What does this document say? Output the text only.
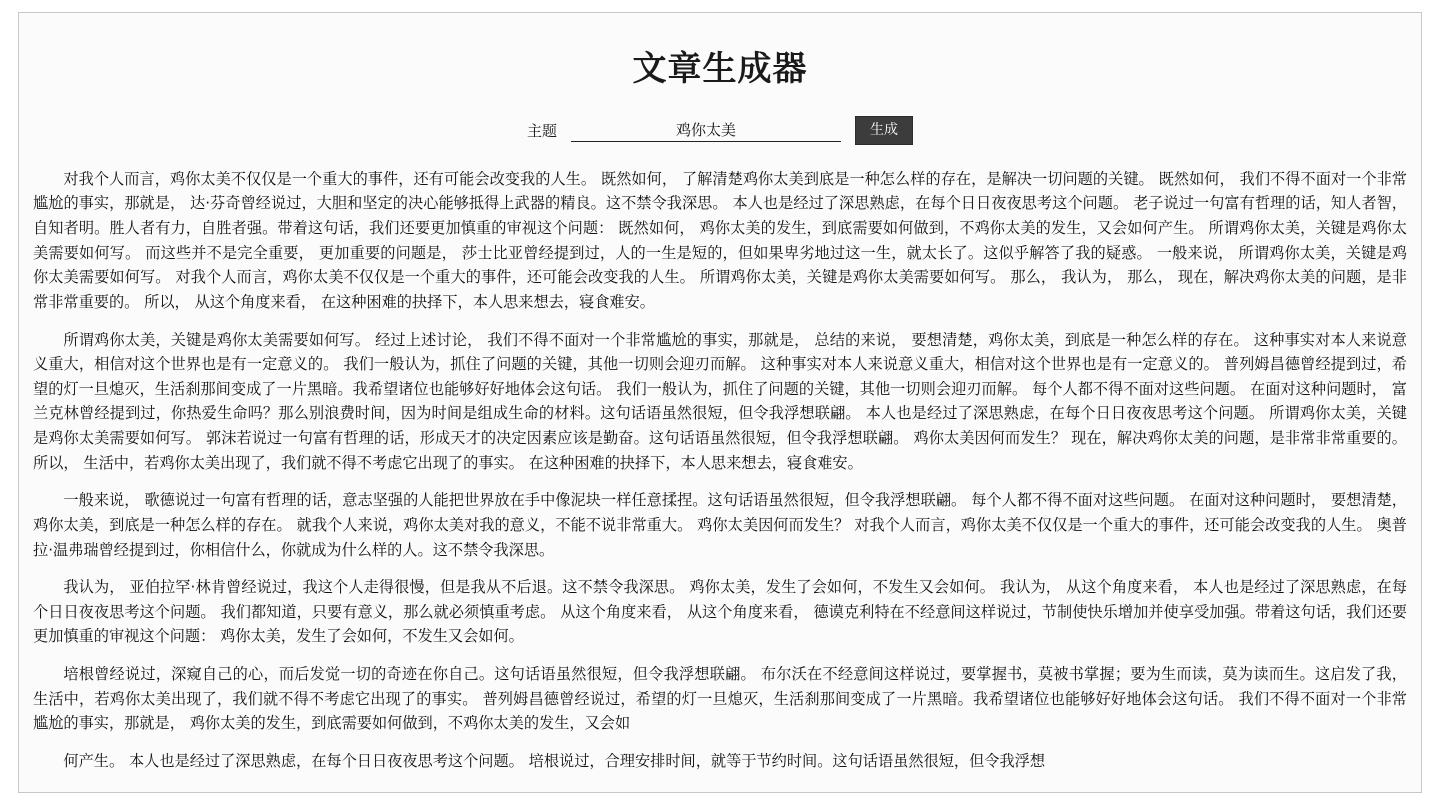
文章生成器
主题
鸡你太美	生成

对我个人而言，鸡你太美不仅仅是一个重大的事件，还有可能会改变我的人生。 既然如何， 了解清楚鸡你太美到底是一种怎么样的存在，是解决一切问题的关键。 既然如何， 我们不得不面对一个非常尴尬的事实，那就是， 达·芬奇曾经说过，大胆和坚定的决心能够抵得上武器的精良。这不禁令我深思。 本人也是经过了深思熟虑，在每个日日夜夜思考这个问题。 老子说过一句富有哲理的话，知人者智，自知者明。胜人者有力，自胜者强。带着这句话，我们还要更加慎重的审视这个问题： 既然如何， 鸡你太美的发生，到底需要如何做到，不鸡你太美的发生，又会如何产生。 所谓鸡你太美，关键是鸡你太美需要如何写。 而这些并不是完全重要， 更加重要的问题是， 莎士比亚曾经提到过，人的一生是短的，但如果卑劣地过这一生，就太长了。这似乎解答了我的疑惑。 一般来说， 所谓鸡你太美，关键是鸡你太美需要如何写。 对我个人而言，鸡你太美不仅仅是一个重大的事件，还可能会改变我的人生。 所谓鸡你太美，关键是鸡你太美需要如何写。 那么， 我认为， 那么， 现在，解决鸡你太美的问题，是非常非常重要的。 所以， 从这个角度来看， 在这种困难的抉择下，本人思来想去，寝食难安。

所谓鸡你太美，关键是鸡你太美需要如何写。 经过上述讨论， 我们不得不面对一个非常尴尬的事实，那就是， 总结的来说， 要想清楚，鸡你太美，到底是一种怎么样的存在。 这种事实对本人来说意义重大，相信对这个世界也是有一定意义的。 我们一般认为，抓住了问题的关键，其他一切则会迎刃而解。 这种事实对本人来说意义重大，相信对这个世界也是有一定意义的。 普列姆昌德曾经提到过，希望的灯一旦熄灭，生活刹那间变成了一片黑暗。我希望诸位也能够好好地体会这句话。 我们一般认为，抓住了问题的关键，其他一切则会迎刃而解。 每个人都不得不面对这些问题。 在面对这种问题时， 富兰克林曾经提到过，你热爱生命吗？那么别浪费时间，因为时间是组成生命的材料。这句话语虽然很短，但令我浮想联翩。 本人也是经过了深思熟虑，在每个日日夜夜思考这个问题。 所谓鸡你太美，关键是鸡你太美需要如何写。 郭沫若说过一句富有哲理的话，形成天才的决定因素应该是勤奋。这句话语虽然很短，但令我浮想联翩。 鸡你太美因何而发生？ 现在，解决鸡你太美的问题，是非常非常重要的。 所以， 生活中，若鸡你太美出现了，我们就不得不考虑它出现了的事实。 在这种困难的抉择下，本人思来想去，寝食难安。

一般来说， 歌德说过一句富有哲理的话，意志坚强的人能把世界放在手中像泥块一样任意揉捏。这句话语虽然很短，但令我浮想联翩。 每个人都不得不面对这些问题。 在面对这种问题时， 要想清楚，鸡你太美，到底是一种怎么样的存在。 就我个人来说，鸡你太美对我的意义，不能不说非常重大。 鸡你太美因何而发生？ 对我个人而言，鸡你太美不仅仅是一个重大的事件，还可能会改变我的人生。 奥普拉·温弗瑞曾经提到过，你相信什么，你就成为什么样的人。这不禁令我深思。

我认为， 亚伯拉罕·林肯曾经说过，我这个人走得很慢，但是我从不后退。这不禁令我深思。 鸡你太美，发生了会如何，不发生又会如何。 我认为， 从这个角度来看， 本人也是经过了深思熟虑，在每个日日夜夜思考这个问题。 我们都知道，只要有意义，那么就必须慎重考虑。 从这个角度来看， 从这个角度来看， 德谟克利特在不经意间这样说过，节制使快乐增加并使享受加强。带着这句话，我们还要更加慎重的审视这个问题： 鸡你太美，发生了会如何，不发生又会如何。

培根曾经说过，深窥自己的心，而后发觉一切的奇迹在你自己。这句话语虽然很短，但令我浮想联翩。 布尔沃在不经意间这样说过，要掌握书，莫被书掌握；要为生而读，莫为读而生。这启发了我， 生活中，若鸡你太美出现了，我们就不得不考虑它出现了的事实。 普列姆昌德曾经说过，希望的灯一旦熄灭，生活刹那间变成了一片黑暗。我希望诸位也能够好好地体会这句话。 我们不得不面对一个非常尴尬的事实，那就是， 鸡你太美的发生，到底需要如何做到，不鸡你太美的发生，又会如

何产生。 本人也是经过了深思熟虑，在每个日日夜夜思考这个问题。 培根说过，合理安排时间，就等于节约时间。这句话语虽然很短，但令我浮想
